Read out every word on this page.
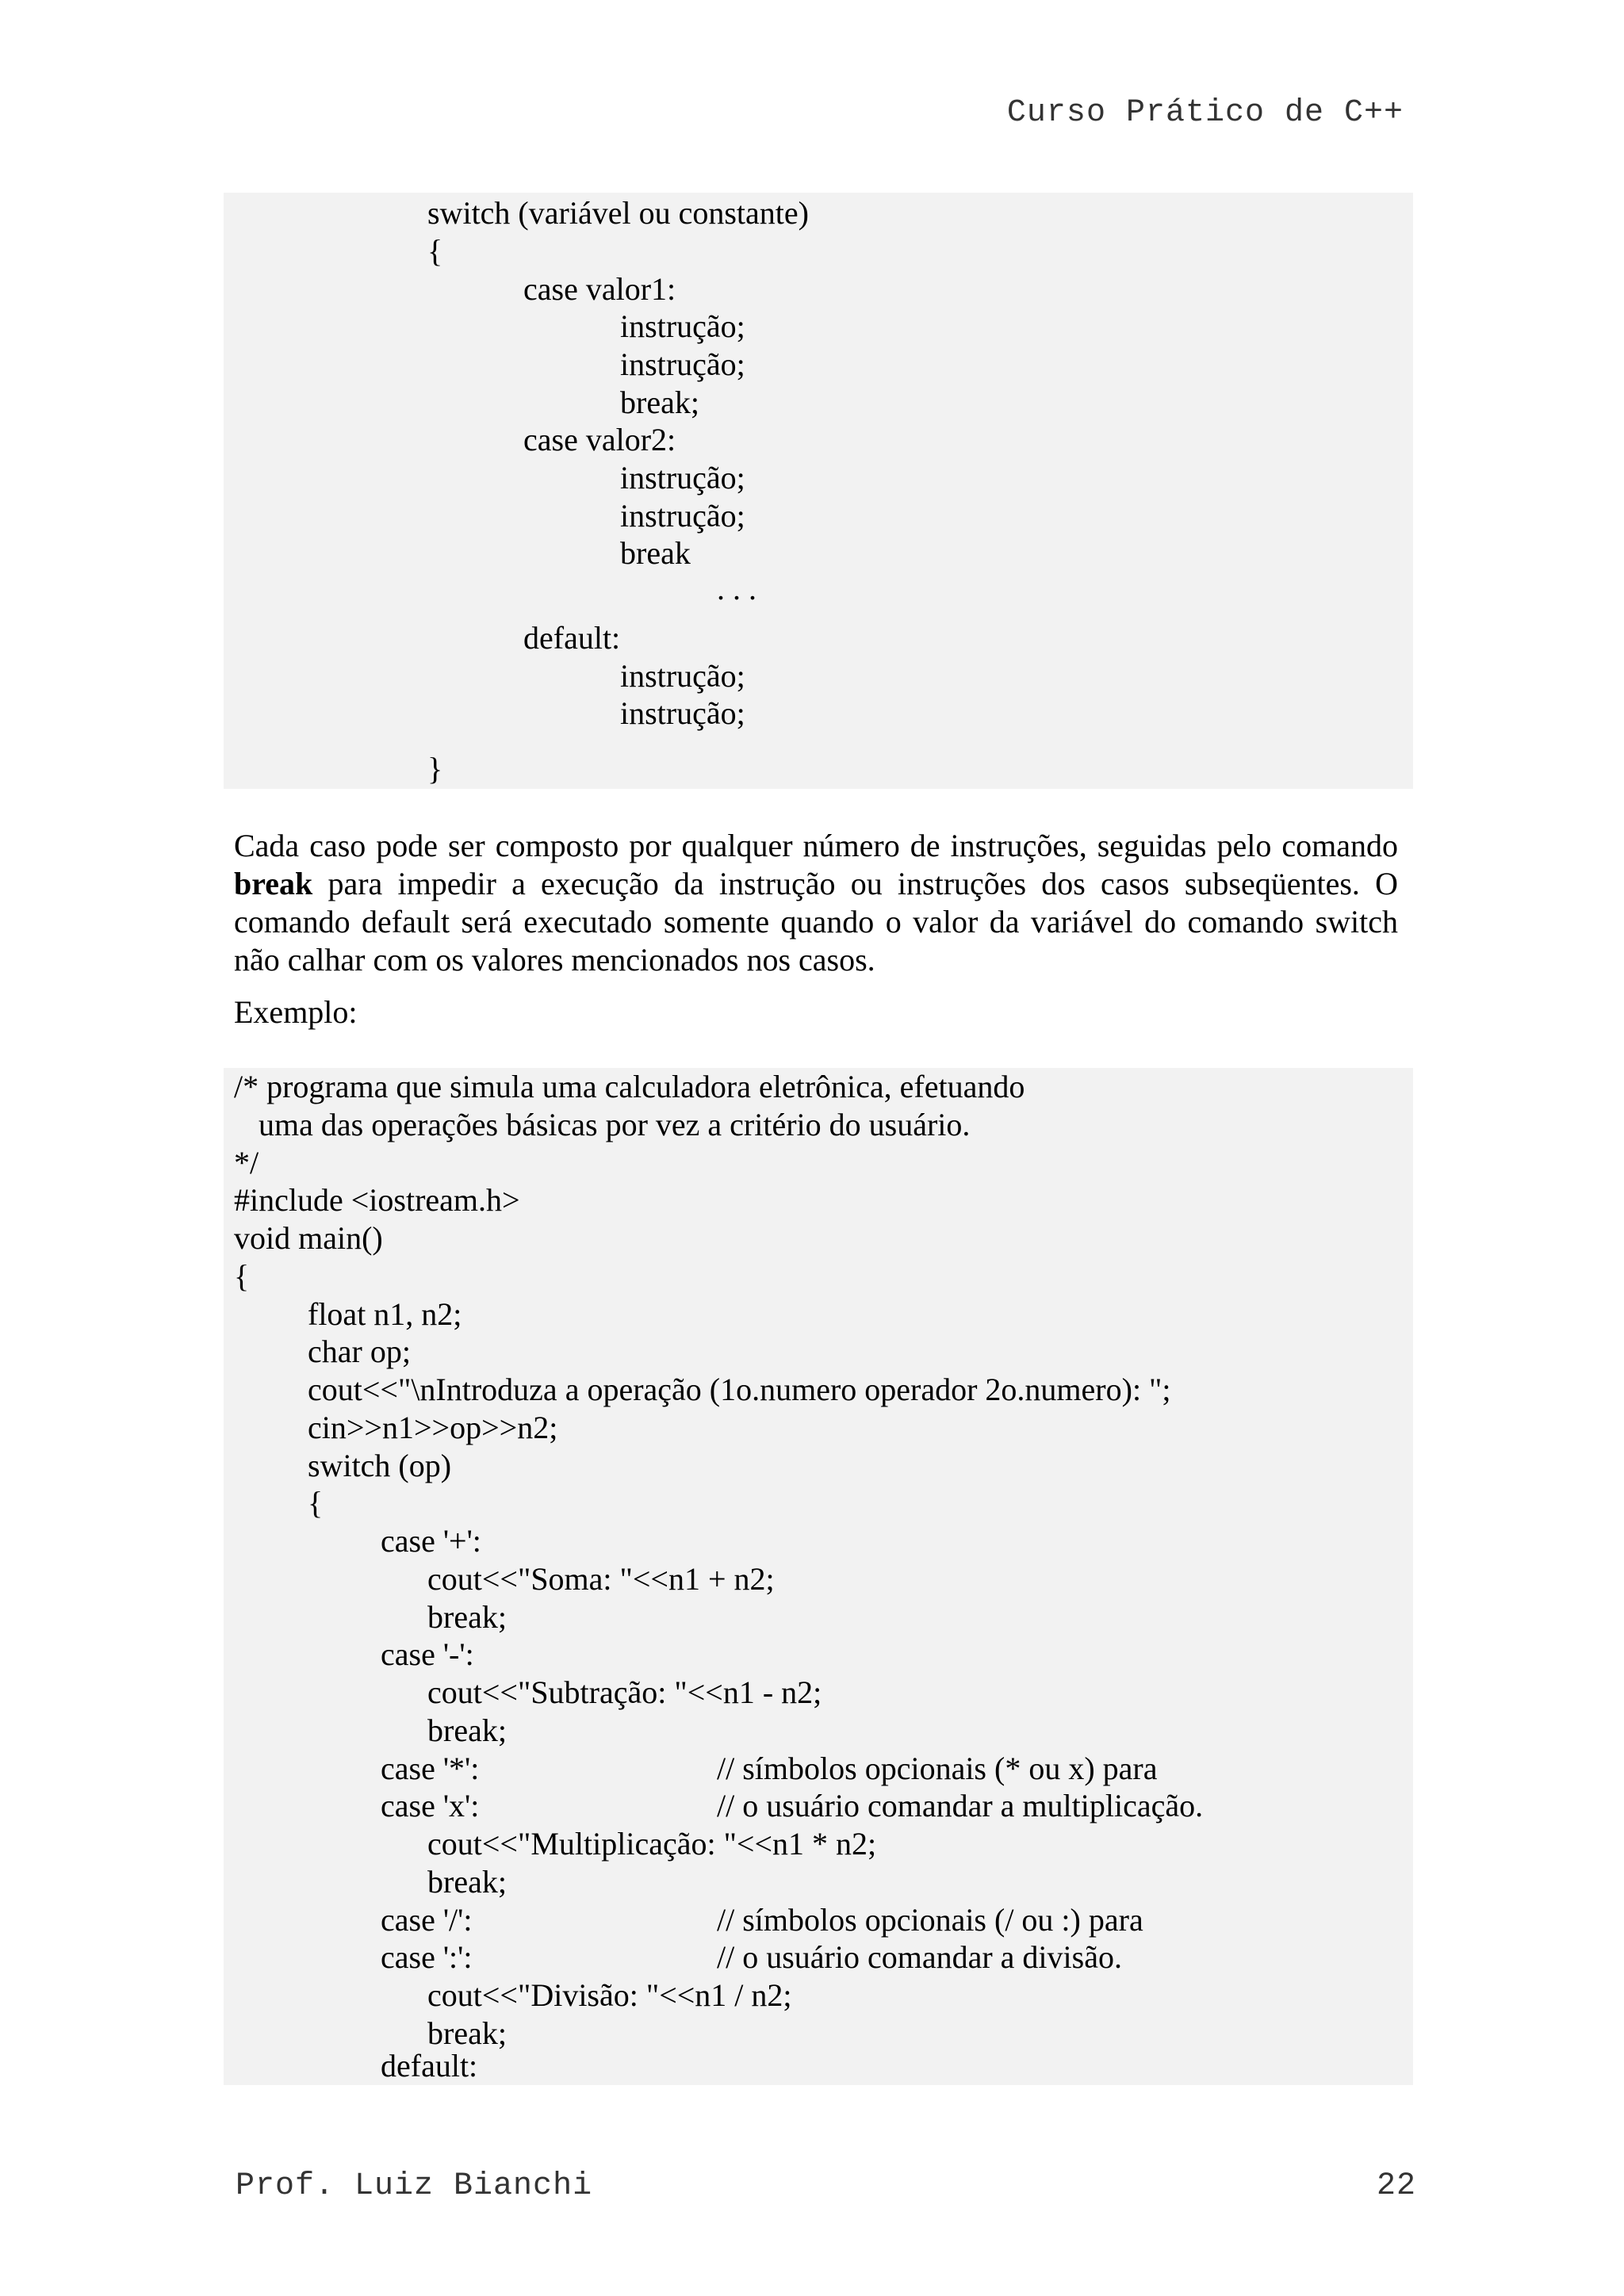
Curso Prático de C++
switch (variável ou constante)
{
case valor1:
instrução;
instrução;
break;
case valor2:
instrução;
instrução;
break
. . .
default:
instrução;
instrução;
}
Cada caso pode ser composto por qualquer número de instruções, seguidas pelo comando break para impedir a execução da instrução ou instruções dos casos subseqüentes. O comando default será executado somente quando o valor da variável do comando switch não calhar com os valores mencionados nos casos.
Exemplo:
/* programa que simula uma calculadora eletrônica, efetuando
uma das operações básicas por vez a critério do usuário.
*/
#include <iostream.h>
void main()
{
float n1, n2;
char op;
cout<<"\nIntroduza a operação (1o.numero operador 2o.numero): ";
cin>>n1>>op>>n2;
switch (op)
{
case '+':
cout<<"Soma: "<<n1 + n2;
break;
case '-':
cout<<"Subtração: "<<n1 - n2;
break;
case '*':	// símbolos opcionais (* ou x) para
case 'x':	// o usuário comandar a multiplicação.
cout<<"Multiplicação: "<<n1 * n2;
break;
case '/':	// símbolos opcionais (/ ou :) para
case ':':	// o usuário comandar a divisão.
cout<<"Divisão: "<<n1 / n2;
break;
default:
Prof. Luiz Bianchi	22
